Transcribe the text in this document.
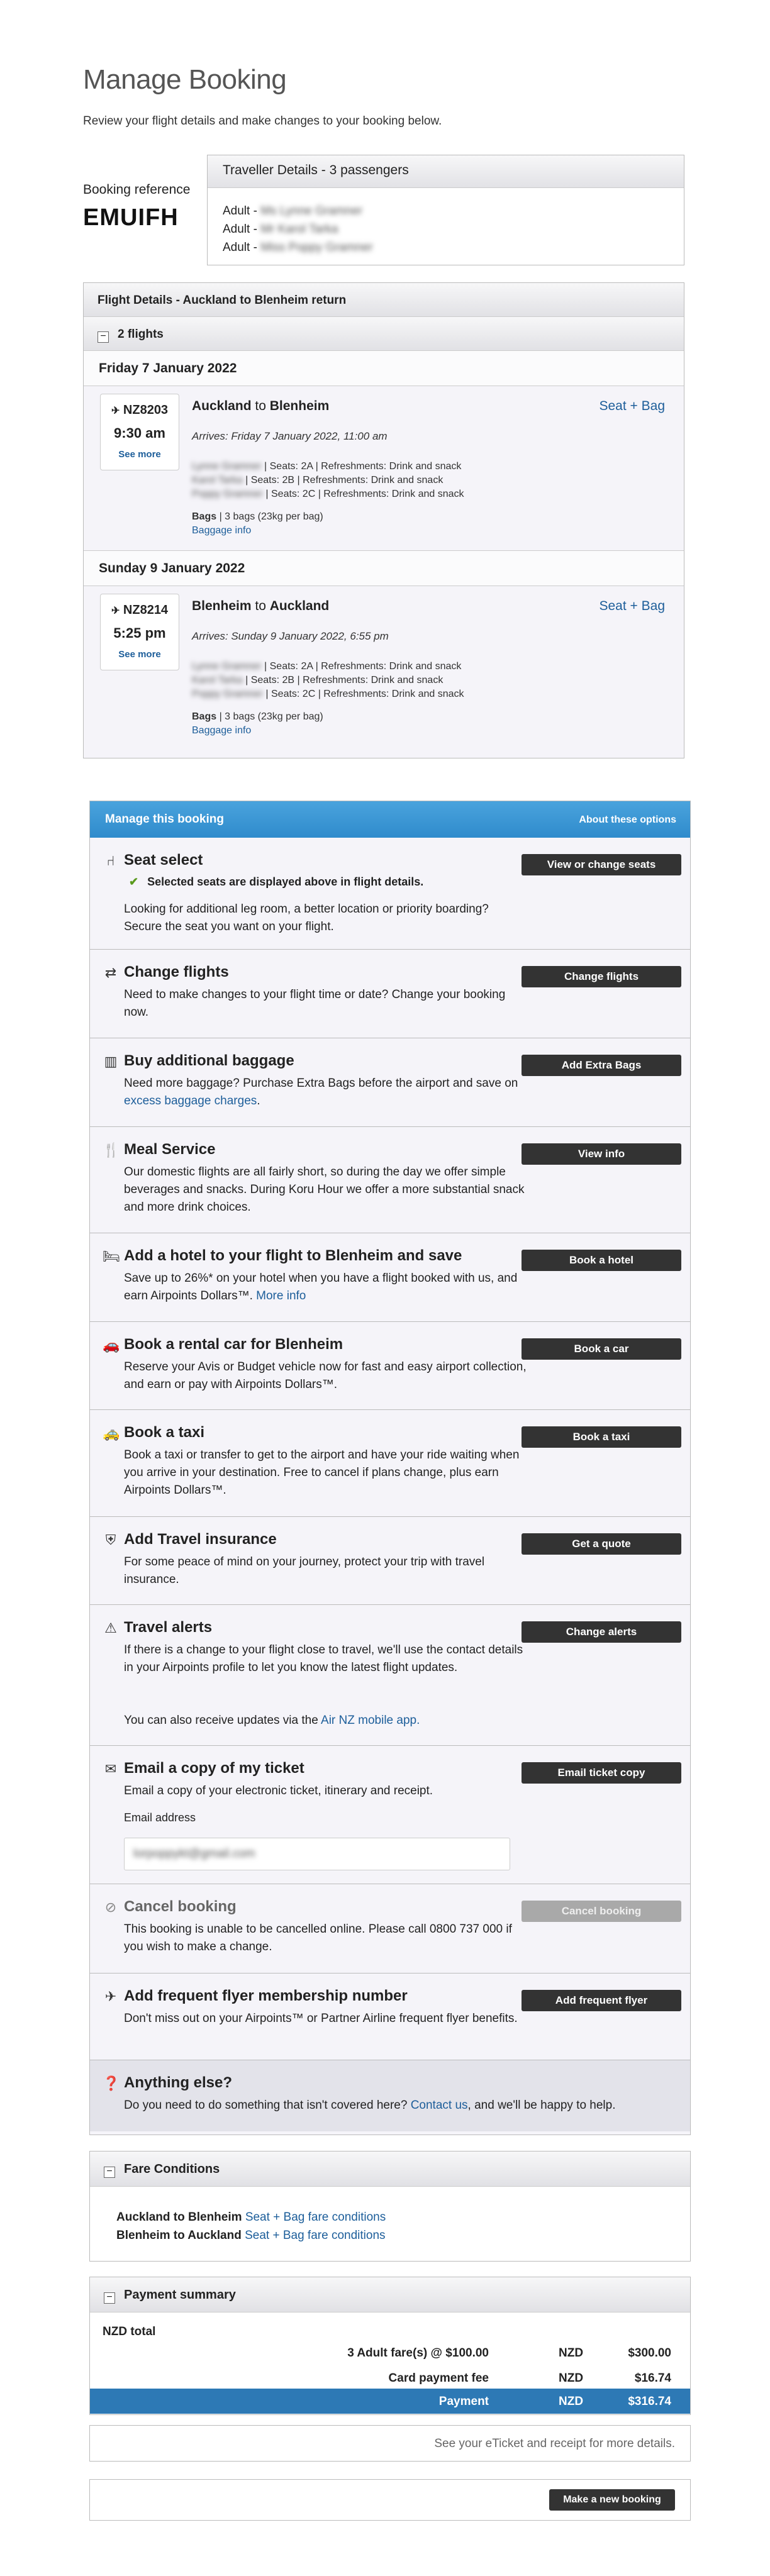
Manage Booking
Review your flight details and make changes to your booking below.
Booking reference
EMUIFH
Traveller Details - 3 passengers
Adult - Ms Lynne Gramner
Adult - Mr Karol Tarka
Adult - Miss Poppy Gramner
Flight Details - Auckland to Blenheim return
− 2 flights
Friday 7 January 2022
✈ NZ8203
9:30 am
See more
Auckland to Blenheim	Seat + Bag
Arrives: Friday 7 January 2022, 11:00 am
Lynne Gramner | Seats: 2A | Refreshments: Drink and snack
Karol Tarka | Seats: 2B | Refreshments: Drink and snack
Poppy Gramner | Seats: 2C | Refreshments: Drink and snack
Bags | 3 bags (23kg per bag)
Baggage info
Sunday 9 January 2022
✈ NZ8214
5:25 pm
See more
Blenheim to Auckland	Seat + Bag
Arrives: Sunday 9 January 2022, 6:55 pm
Lynne Gramner | Seats: 2A | Refreshments: Drink and snack
Karol Tarka | Seats: 2B | Refreshments: Drink and snack
Poppy Gramner | Seats: 2C | Refreshments: Drink and snack
Bags | 3 bags (23kg per bag)
Baggage info
Manage this booking	About these options
⑁ Seat select
✔ Selected seats are displayed above in flight details.
Looking for additional leg room, a better location or priority boarding? Secure the seat you want on your flight.
View or change seats
⇄ Change flights
Need to make changes to your flight time or date? Change your booking now.
Change flights
▥ Buy additional baggage
Need more baggage? Purchase Extra Bags before the airport and save on excess baggage charges.
Add Extra Bags
🍴 Meal Service
Our domestic flights are all fairly short, so during the day we offer simple beverages and snacks. During Koru Hour we offer a more substantial snack and more drink choices.
View info
🛏 Add a hotel to your flight to Blenheim and save
Save up to 26%* on your hotel when you have a flight booked with us, and earn Airpoints Dollars™. More info
Book a hotel
🚗 Book a rental car for Blenheim
Reserve your Avis or Budget vehicle now for fast and easy airport collection, and earn or pay with Airpoints Dollars™.
Book a car
🚕 Book a taxi
Book a taxi or transfer to get to the airport and have your ride waiting when you arrive in your destination. Free to cancel if plans change, plus earn Airpoints Dollars™.
Book a taxi
⛨ Add Travel insurance
For some peace of mind on your journey, protect your trip with travel insurance.
Get a quote
⚠ Travel alerts
If there is a change to your flight close to travel, we'll use the contact details in your Airpoints profile to let you know the latest flight updates.
You can also receive updates via the Air NZ mobile app.
Change alerts
✉ Email a copy of my ticket
Email a copy of your electronic ticket, itinerary and receipt.
Email address
lorpoppykt@gmail.com
Email ticket copy
⊘ Cancel booking
This booking is unable to be cancelled online. Please call 0800 737 000 if you wish to make a change.
Cancel booking
✈ Add frequent flyer membership number
Don't miss out on your Airpoints™ or Partner Airline frequent flyer benefits.
Add frequent flyer
❓ Anything else?
Do you need to do something that isn't covered here? Contact us, and we'll be happy to help.
− Fare Conditions
Auckland to Blenheim Seat + Bag fare conditions
Blenheim to Auckland Seat + Bag fare conditions
− Payment summary
NZD total
3 Adult fare(s) @ $100.00	NZD	$300.00
Card payment fee	NZD	$16.74
Payment	NZD	$316.74
See your eTicket and receipt for more details.
Make a new booking
